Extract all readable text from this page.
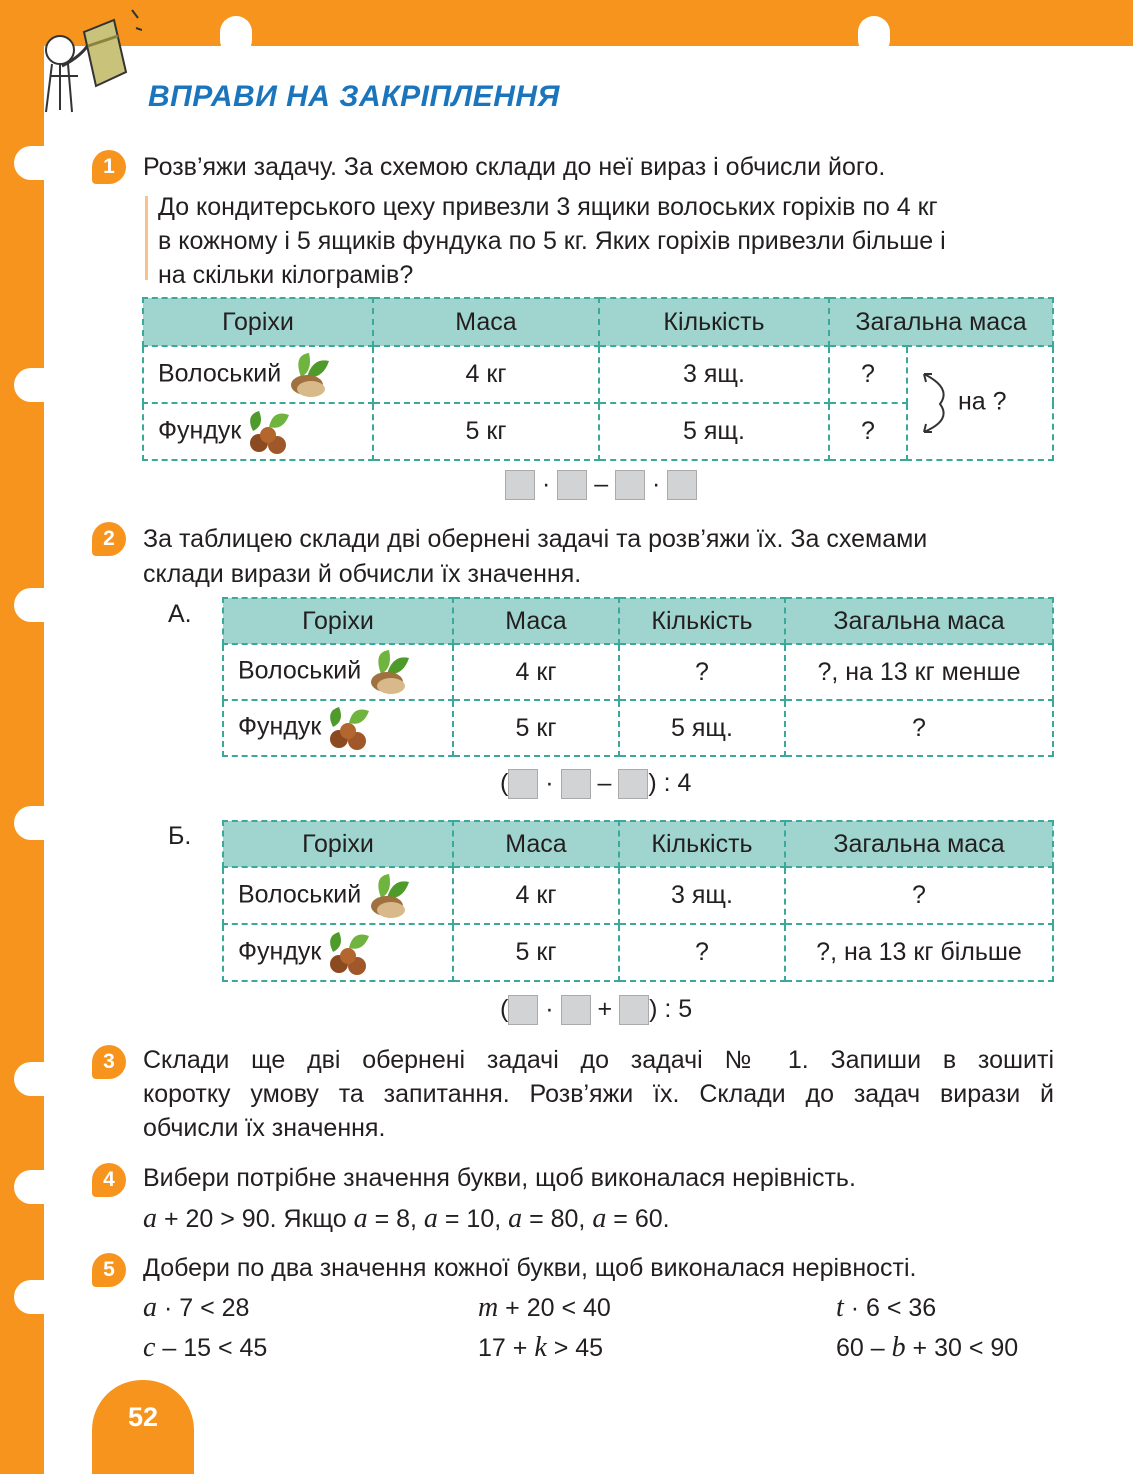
ВПРАВИ НА ЗАКРІПЛЕННЯ
1	Розв’яжи задачу. За схемою склади до неї вираз і обчисли його.
До кондитерського цеху привезли 3 ящики волоських горіхів по 4 кг
в кожному і 5 ящиків фундука по 5 кг. Яких горіхів привезли більше і
на скільки кілограмів?
Горіхи	Маса	Кількість	Загальна маса	
Волоський	4 кг	3 ящ.	?	на ?
Фундук	5 кг	5 ящ.	?	
· – ·
2	За таблицею склади дві обернені задачі та розв’яжи їх. За схемами
склади вирази й обчисли їх значення.
А.	Горіхи	Маса	Кількість	Загальна маса
Волоський	4 кг	?	?, на 13 кг менше
Фундук	5 кг	5 ящ.	?
( · – ) : 4
Б.	Горіхи	Маса	Кількість	Загальна маса
Волоський	4 кг	3 ящ.	?
Фундук	5 кг	?	?, на 13 кг більше
( · + ) : 5
3	Склади ще дві обернені задачі до задачі № 1. Запиши в зошиті
коротку умову та запитання. Розв’яжи їх. Склади до задач вирази й
обчисли їх значення.
4	Вибери потрібне значення букви, щоб виконалася нерівність.
a + 20 > 90. Якщо a = 8, a = 10, a = 80, a = 60.
5	Добери по два значення кожної букви, щоб виконалася нерівності.
a · 7 < 28	m + 20 < 40	t · 6 < 36
c – 15 < 45	17 + k > 45	60 – b + 30 < 90
52
